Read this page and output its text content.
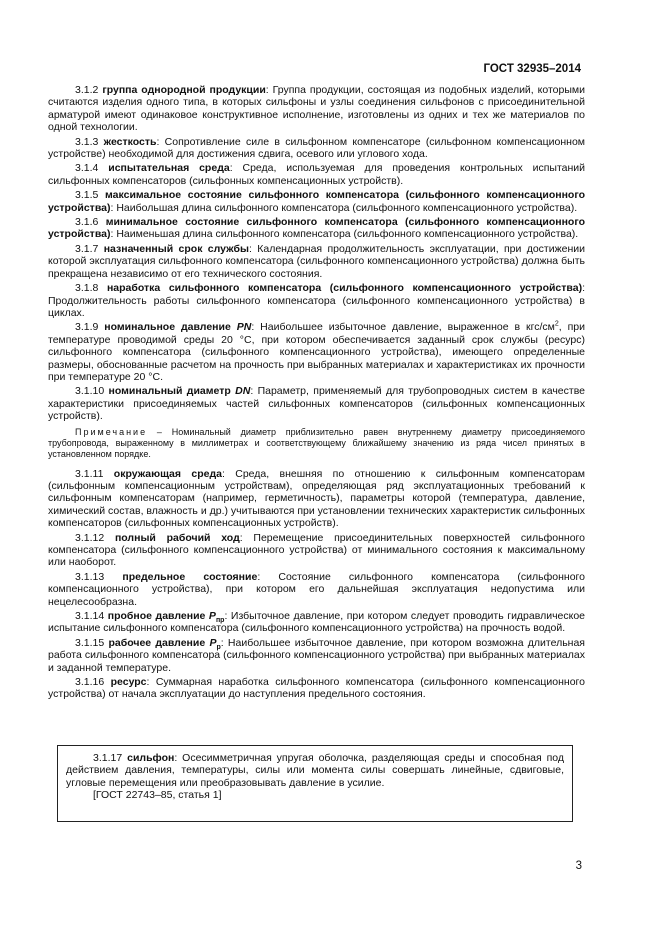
ГОСТ 32935–2014
3.1.2 группа однородной продукции: Группа продукции, состоящая из подобных изделий, которыми считаются изделия одного типа, в которых сильфоны и узлы соединения сильфонов с присоединительной арматурой имеют одинаковое конструктивное исполнение, изготовлены из одних и тех же материалов по одной технологии.
3.1.3 жесткость: Сопротивление силе в сильфонном компенсаторе (сильфонном компенсационном устройстве) необходимой для достижения сдвига, осевого или углового хода.
3.1.4 испытательная среда: Среда, используемая для проведения контрольных испытаний сильфонных компенсаторов (сильфонных компенсационных устройств).
3.1.5 максимальное состояние сильфонного компенсатора (сильфонного компенсационного устройства): Наибольшая длина сильфонного компенсатора (сильфонного компенсационного устройства).
3.1.6 минимальное состояние сильфонного компенсатора (сильфонного компенсационного устройства): Наименьшая длина сильфонного компенсатора (сильфонного компенсационного устройства).
3.1.7 назначенный срок службы: Календарная продолжительность эксплуатации, при достижении которой эксплуатация сильфонного компенсатора (сильфонного компенсационного устройства) должна быть прекращена независимо от его технического состояния.
3.1.8 наработка сильфонного компенсатора (сильфонного компенсационного устройства): Продолжительность работы сильфонного компенсатора (сильфонного компенсационного устройства) в циклах.
3.1.9 номинальное давление PN: Наибольшее избыточное давление, выраженное в кгс/$см^2$, при температуре проводимой среды 20 °С, при котором обеспечивается заданный срок службы (ресурс) сильфонного компенсатора (сильфонного компенсационного устройства), имеющего определенные размеры, обоснованные расчетом на прочность при выбранных материалах и характеристиках их прочности при температуре 20 °С.
3.1.10 номинальный диаметр DN: Параметр, применяемый для трубопроводных систем в качестве характеристики присоединяемых частей сильфонных компенсаторов (сильфонных компенсационных устройств).
Примечание – Номинальный диаметр приблизительно равен внутреннему диаметру присоединяемого трубопровода, выраженному в миллиметрах и соответствующему ближайшему значению из ряда чисел принятых в установленном порядке.
3.1.11 окружающая среда: Среда, внешняя по отношению к сильфонным компенсаторам (сильфонным компенсационным устройствам), определяющая ряд эксплуатационных требований к сильфонным компенсаторам (например, герметичность), параметры которой (температура, давление, химический состав, влажность и др.) учитываются при установлении технических характеристик сильфонных компенсаторов (сильфонных компенсационных устройств).
3.1.12 полный рабочий ход: Перемещение присоединительных поверхностей сильфонного компенсатора (сильфонного компенсационного устройства) от минимального состояния к максимальному или наоборот.
3.1.13 предельное состояние: Состояние сильфонного компенсатора (сильфонного компенсационного устройства), при котором его дальнейшая эксплуатация недопустима или нецелесообразна.
3.1.14 пробное давление $P_{пр}$: Избыточное давление, при котором следует проводить гидравлическое испытание сильфонного компенсатора (сильфонного компенсационного устройства) на прочность водой.
3.1.15 рабочее давление $P_р$: Наибольшее избыточное давление, при котором возможна длительная работа сильфонного компенсатора (сильфонного компенсационного устройства) при выбранных материалах и заданной температуре.
3.1.16 ресурс: Суммарная наработка сильфонного компенсатора (сильфонного компенсационного устройства) от начала эксплуатации до наступления предельного состояния.
3.1.17 сильфон: Осесимметричная упругая оболочка, разделяющая среды и способная под действием давления, температуры, силы или момента силы совершать линейные, сдвиговые, угловые перемещения или преобразовывать давление в усилие.
[ГОСТ 22743–85, статья 1]
3
